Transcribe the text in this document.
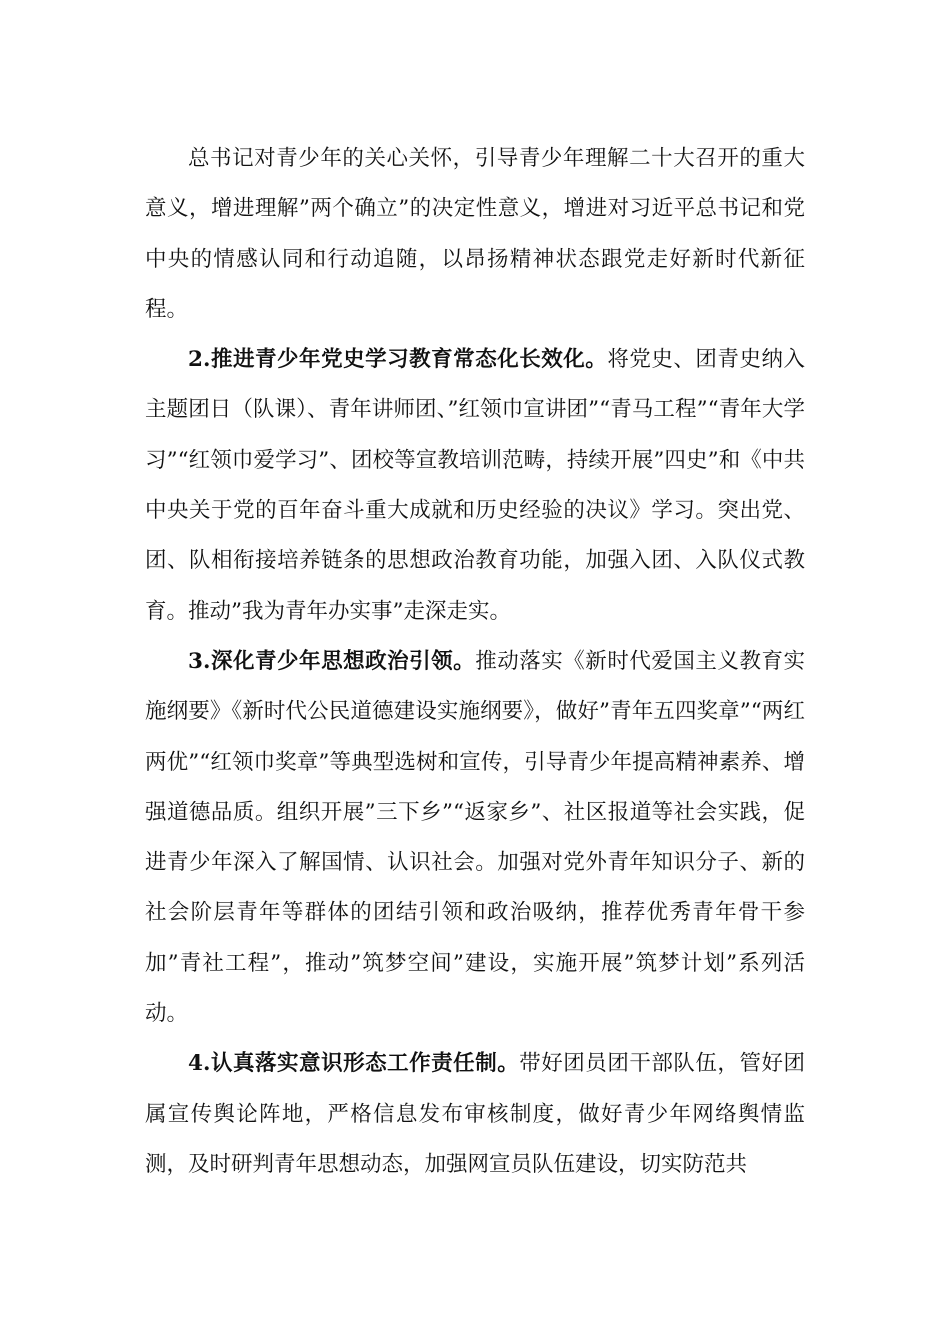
总书记对青少年的关心关怀，引导青少年理解二十大召开的重大意义，增进理解”两个确立”的决定性意义，增进对习近平总书记和党中央的情感认同和行动追随，以昂扬精神状态跟党走好新时代新征程。

2.推进青少年党史学习教育常态化长效化。将党史、团青史纳入主题团日（队课）、青年讲师团、”红领巾宣讲团”“青马工程”“青年大学习”“红领巾爱学习”、团校等宣教培训范畴，持续开展”四史”和《中共中央关于党的百年奋斗重大成就和历史经验的决议》学习。突出党、团、队相衔接培养链条的思想政治教育功能，加强入团、入队仪式教育。推动”我为青年办实事”走深走实。

3.深化青少年思想政治引领。推动落实《新时代爱国主义教育实施纲要》《新时代公民道德建设实施纲要》，做好”青年五四奖章”“两红两优”“红领巾奖章”等典型选树和宣传，引导青少年提高精神素养、增强道德品质。组织开展”三下乡”“返家乡”、社区报道等社会实践，促进青少年深入了解国情、认识社会。加强对党外青年知识分子、新的社会阶层青年等群体的团结引领和政治吸纳，推荐优秀青年骨干参加”青社工程”，推动”筑梦空间”建设，实施开展”筑梦计划”系列活动。

4.认真落实意识形态工作责任制。带好团员团干部队伍，管好团属宣传舆论阵地，严格信息发布审核制度，做好青少年网络舆情监测，及时研判青年思想动态，加强网宣员队伍建设，切实防范共
